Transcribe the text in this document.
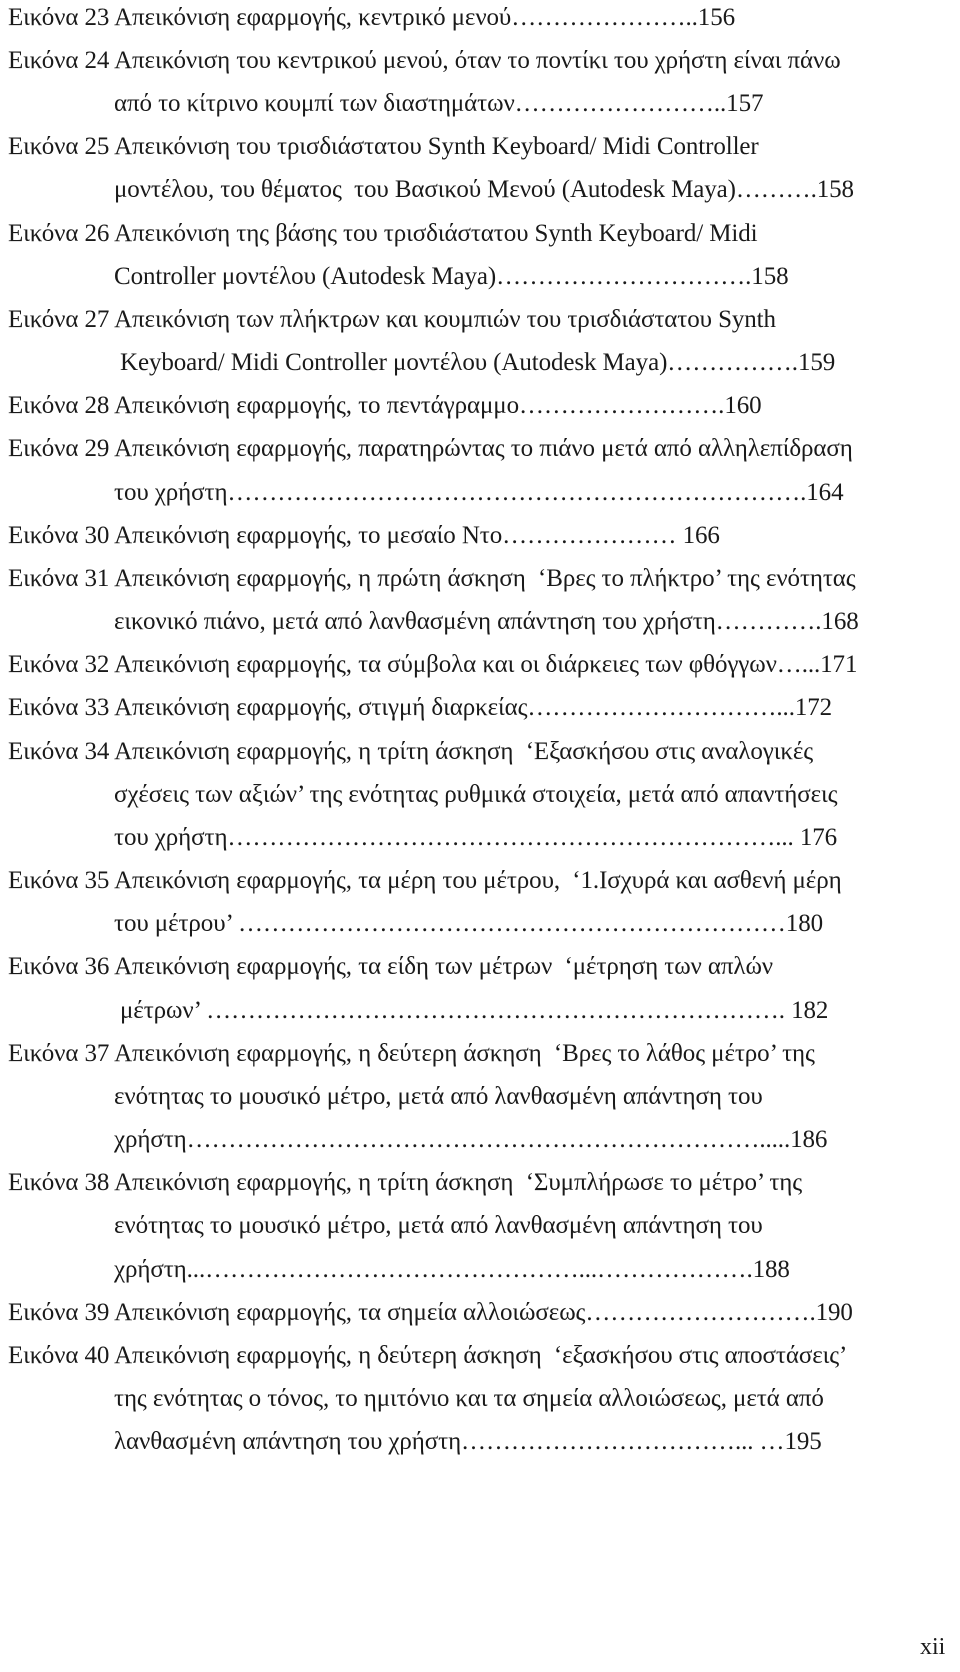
Εικόνα 23 Απεικόνιση εφαρμογής, κεντρικό μενού…………………..156
Εικόνα 24 Απεικόνιση του κεντρικού μενού, όταν το ποντίκι του χρήστη είναι πάνω
από το κίτρινο κουμπί των διαστημάτων……………………..157
Εικόνα 25 Απεικόνιση του τρισδιάστατου Synth Keyboard/ Midi Controller
μοντέλου, του θέματος  του Βασικού Μενού (Autodesk Maya)……….158
Εικόνα 26 Απεικόνιση της βάσης του τρισδιάστατου Synth Keyboard/ Midi
Controller μοντέλου (Autodesk Maya)………………………….158
Εικόνα 27 Απεικόνιση των πλήκτρων και κουμπιών του τρισδιάστατου Synth
Keyboard/ Midi Controller μοντέλου (Autodesk Maya)…………….159
Εικόνα 28 Απεικόνιση εφαρμογής, το πεντάγραμμο…………………….160
Εικόνα 29 Απεικόνιση εφαρμογής, παρατηρώντας το πιάνο μετά από αλληλεπίδραση
του χρήστη…………………………………………………………….164
Εικόνα 30 Απεικόνιση εφαρμογής, το μεσαίο Ντο………………… 166
Εικόνα 31 Απεικόνιση εφαρμογής, η πρώτη άσκηση  ‘Βρες το πλήκτρο’ της ενότητας
εικονικό πιάνο, μετά από λανθασμένη απάντηση του χρήστη………….168
Εικόνα 32 Απεικόνιση εφαρμογής, τα σύμβολα και οι διάρκειες των φθόγγων…...171
Εικόνα 33 Απεικόνιση εφαρμογής, στιγμή διαρκείας…………………………...172
Εικόνα 34 Απεικόνιση εφαρμογής, η τρίτη άσκηση  ‘Εξασκήσου στις αναλογικές
σχέσεις των αξιών’ της ενότητας ρυθμικά στοιχεία, μετά από απαντήσεις
του χρήστη…………………………………………………………... 176
Εικόνα 35 Απεικόνιση εφαρμογής, τα μέρη του μέτρου,  ‘1.Ισχυρά και ασθενή μέρη
του μέτρου’ …………………………………………………………180
Εικόνα 36 Απεικόνιση εφαρμογής, τα είδη των μέτρων  ‘μέτρηση των απλών
μέτρων’ ……………………………………………………………. 182
Εικόνα 37 Απεικόνιση εφαρμογής, η δεύτερη άσκηση  ‘Βρες το λάθος μέτρο’ της
ενότητας το μουσικό μέτρο, μετά από λανθασμένη απάντηση του
χρήστη…………………………………………………………….....186
Εικόνα 38 Απεικόνιση εφαρμογής, η τρίτη άσκηση  ‘Συμπλήρωσε το μέτρο’ της
ενότητας το μουσικό μέτρο, μετά από λανθασμένη απάντηση του
χρήστη...………………………………………...……………….188
Εικόνα 39 Απεικόνιση εφαρμογής, τα σημεία αλλοιώσεως……………………….190
Εικόνα 40 Απεικόνιση εφαρμογής, η δεύτερη άσκηση  ‘εξασκήσου στις αποστάσεις’
της ενότητας ο τόνος, το ημιτόνιο και τα σημεία αλλοιώσεως, μετά από
λανθασμένη απάντηση του χρήστη……………………………... …195
xii
